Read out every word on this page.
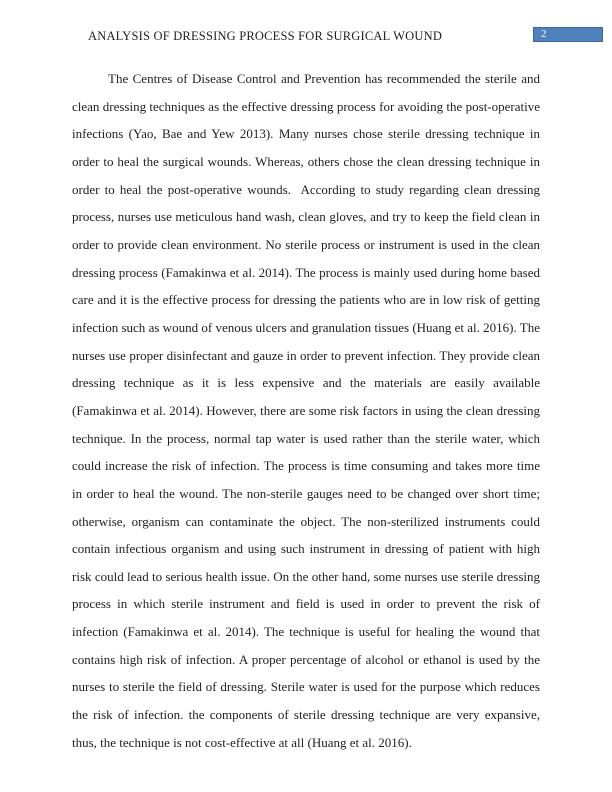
ANALYSIS OF DRESSING PROCESS FOR SURGICAL WOUND	2

The Centres of Disease Control and Prevention has recommended the sterile and clean dressing techniques as the effective dressing process for avoiding the post-operative infections (Yao, Bae and Yew 2013). Many nurses chose sterile dressing technique in order to heal the surgical wounds. Whereas, others chose the clean dressing technique in order to heal the post-operative wounds.  According to study regarding clean dressing process, nurses use meticulous hand wash, clean gloves, and try to keep the field clean in order to provide clean environment. No sterile process or instrument is used in the clean dressing process (Famakinwa et al. 2014). The process is mainly used during home based care and it is the effective process for dressing the patients who are in low risk of getting infection such as wound of venous ulcers and granulation tissues (Huang et al. 2016). The nurses use proper disinfectant and gauze in order to prevent infection. They provide clean dressing technique as it is less expensive and the materials are easily available (Famakinwa et al. 2014). However, there are some risk factors in using the clean dressing technique. In the process, normal tap water is used rather than the sterile water, which could increase the risk of infection. The process is time consuming and takes more time in order to heal the wound. The non-sterile gauges need to be changed over short time; otherwise, organism can contaminate the object. The non-sterilized instruments could contain infectious organism and using such instrument in dressing of patient with high risk could lead to serious health issue. On the other hand, some nurses use sterile dressing process in which sterile instrument and field is used in order to prevent the risk of infection (Famakinwa et al. 2014). The technique is useful for healing the wound that contains high risk of infection. A proper percentage of alcohol or ethanol is used by the nurses to sterile the field of dressing. Sterile water is used for the purpose which reduces the risk of infection. the components of sterile dressing technique are very expansive, thus, the technique is not cost-effective at all (Huang et al. 2016).
